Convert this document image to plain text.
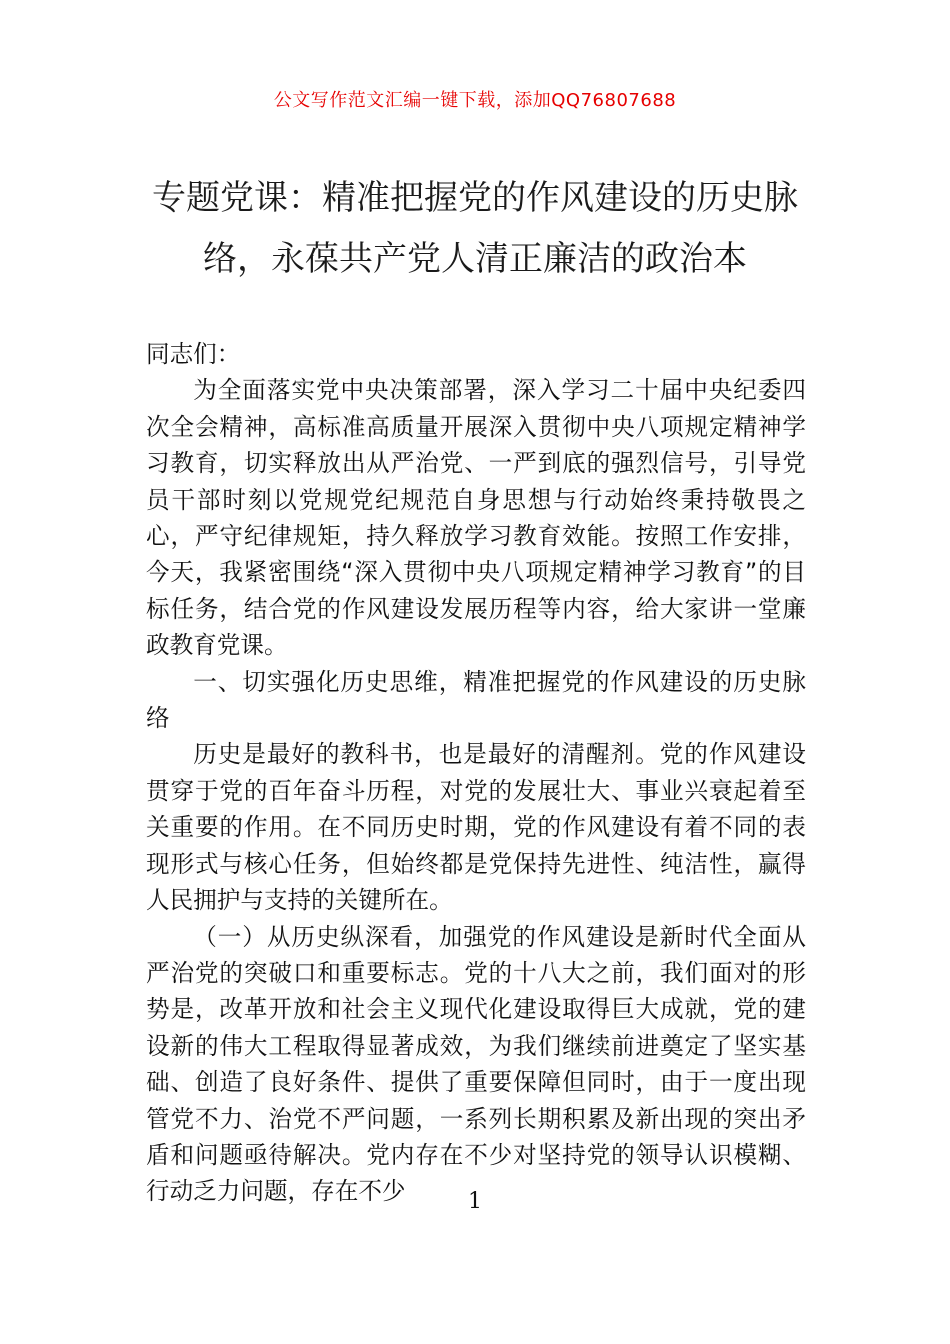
公文写作范文汇编一键下载，添加QQ76807688
专题党课：精准把握党的作风建设的历史脉络，永葆共产党人清正廉洁的政治本

同志们：

为全面落实党中央决策部署，深入学习二十届中央纪委四次全会精神，高标准高质量开展深入贯彻中央八项规定精神学习教育，切实释放出从严治党、一严到底的强烈信号，引导党员干部时刻以党规党纪规范自身思想与行动始终秉持敬畏之心，严守纪律规矩，持久释放学习教育效能。按照工作安排，今天，我紧密围绕“深入贯彻中央八项规定精神学习教育”的目标任务，结合党的作风建设发展历程等内容，给大家讲一堂廉政教育党课。

一、切实强化历史思维，精准把握党的作风建设的历史脉络

历史是最好的教科书，也是最好的清醒剂。党的作风建设贯穿于党的百年奋斗历程，对党的发展壮大、事业兴衰起着至关重要的作用。在不同历史时期，党的作风建设有着不同的表现形式与核心任务，但始终都是党保持先进性、纯洁性，赢得人民拥护与支持的关键所在。

（一）从历史纵深看，加强党的作风建设是新时代全面从严治党的突破口和重要标志。党的十八大之前，我们面对的形势是，改革开放和社会主义现代化建设取得巨大成就，党的建设新的伟大工程取得显著成效，为我们继续前进奠定了坚实基础、创造了良好条件、提供了重要保障但同时，由于一度出现管党不力、治党不严问题，一系列长期积累及新出现的突出矛盾和问题亟待解决。党内存在不少对坚持党的领导认识模糊、行动乏力问题，存在不少	1
